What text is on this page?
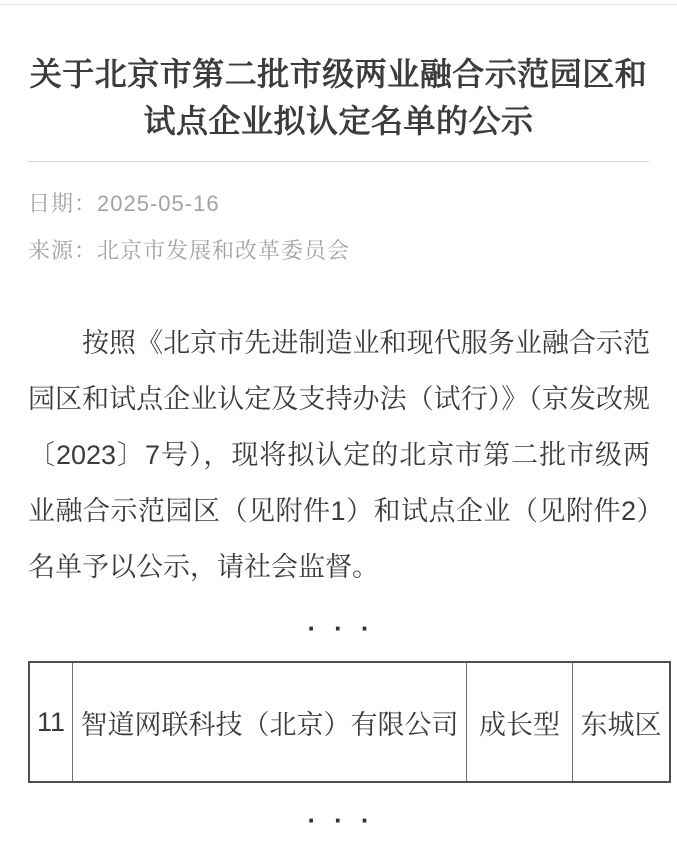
关于北京市第二批市级两业融合示范园区和试点企业拟认定名单的公示
日期：2025-05-16
来源：北京市发展和改革委员会

按照《北京市先进制造业和现代服务业融合示范园区和试点企业认定及支持办法（试行）》（京发改规〔2023〕7号），现将拟认定的北京市第二批市级两业融合示范园区（见附件1）和试点企业（见附件2）名单予以公示，请社会监督。

···
11	智道网联科技（北京）有限公司	成长型	东城区
···
